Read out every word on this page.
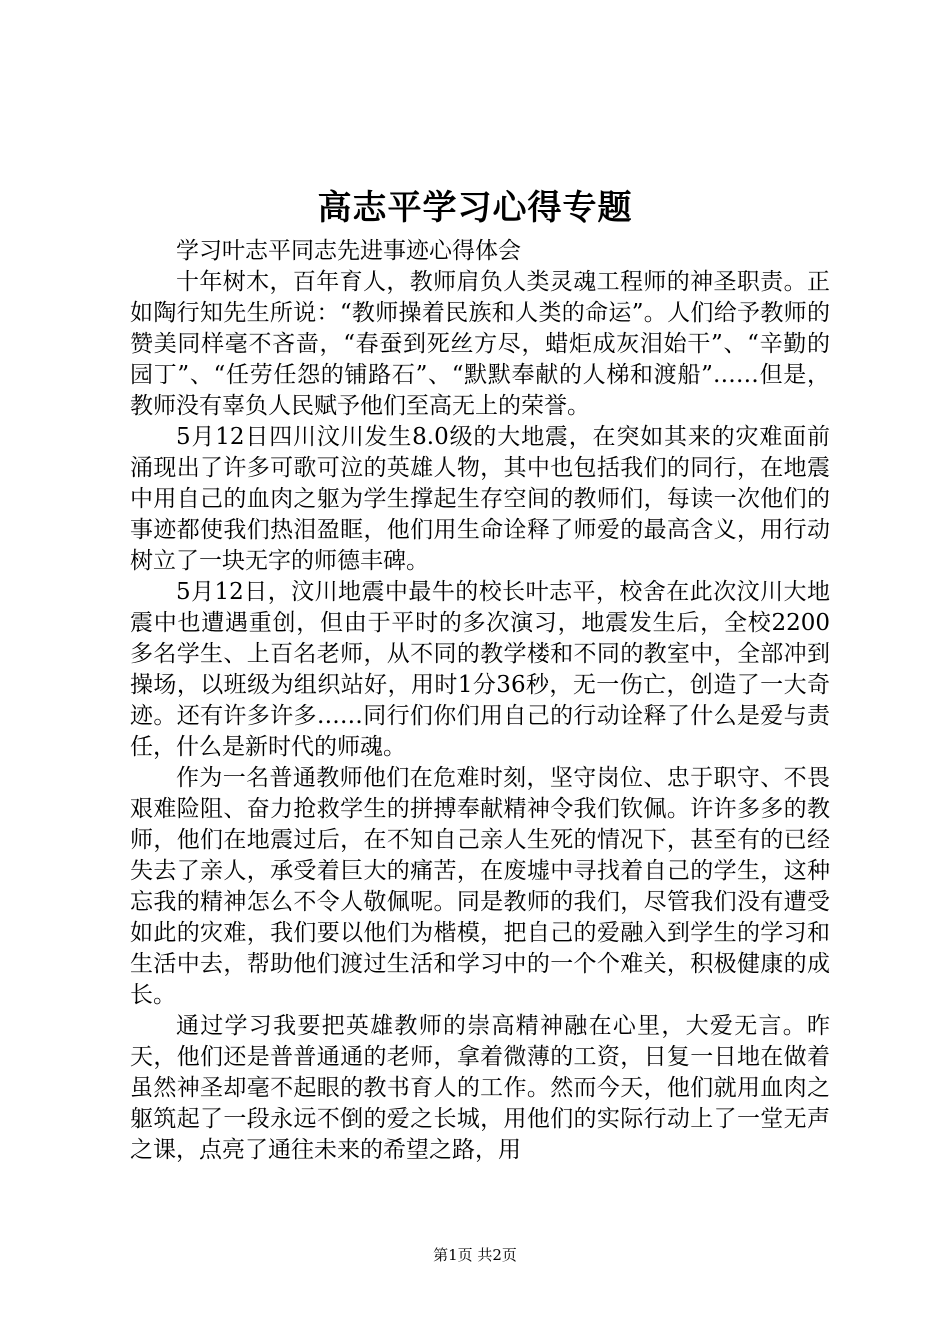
高志平学习心得专题

学习叶志平同志先进事迹心得体会

十年树木，百年育人，教师肩负人类灵魂工程师的神圣职责。正如陶行知先生所说：“教师操着民族和人类的命运”。人们给予教师的赞美同样毫不吝啬，“春蚕到死丝方尽，蜡炬成灰泪始干”、“辛勤的园丁”、“任劳任怨的铺路石”、“默默奉献的人梯和渡船”……但是，教师没有辜负人民赋予他们至高无上的荣誉。

5月12日四川汶川发生8.0级的大地震，在突如其来的灾难面前涌现出了许多可歌可泣的英雄人物，其中也包括我们的同行，在地震中用自己的血肉之躯为学生撑起生存空间的教师们，每读一次他们的事迹都使我们热泪盈眶，他们用生命诠释了师爱的最高含义，用行动树立了一块无字的师德丰碑。

5月12日，汶川地震中最牛的校长叶志平，校舍在此次汶川大地震中也遭遇重创，但由于平时的多次演习，地震发生后，全校2200多名学生、上百名老师，从不同的教学楼和不同的教室中，全部冲到操场，以班级为组织站好，用时1分36秒，无一伤亡，创造了一大奇迹。还有许多许多……同行们你们用自己的行动诠释了什么是爱与责任，什么是新时代的师魂。

作为一名普通教师他们在危难时刻，坚守岗位、忠于职守、不畏艰难险阻、奋力抢救学生的拼搏奉献精神令我们钦佩。许许多多的教师，他们在地震过后，在不知自己亲人生死的情况下，甚至有的已经失去了亲人，承受着巨大的痛苦，在废墟中寻找着自己的学生，这种忘我的精神怎么不令人敬佩呢。同是教师的我们，尽管我们没有遭受如此的灾难，我们要以他们为楷模，把自己的爱融入到学生的学习和生活中去，帮助他们渡过生活和学习中的一个个难关，积极健康的成长。

通过学习我要把英雄教师的崇高精神融在心里，大爱无言。昨天，他们还是普普通通的老师，拿着微薄的工资，日复一日地在做着虽然神圣却毫不起眼的教书育人的工作。然而今天，他们就用血肉之躯筑起了一段永远不倒的爱之长城，用他们的实际行动上了一堂无声之课，点亮了通往未来的希望之路，用

第1页 共2页
